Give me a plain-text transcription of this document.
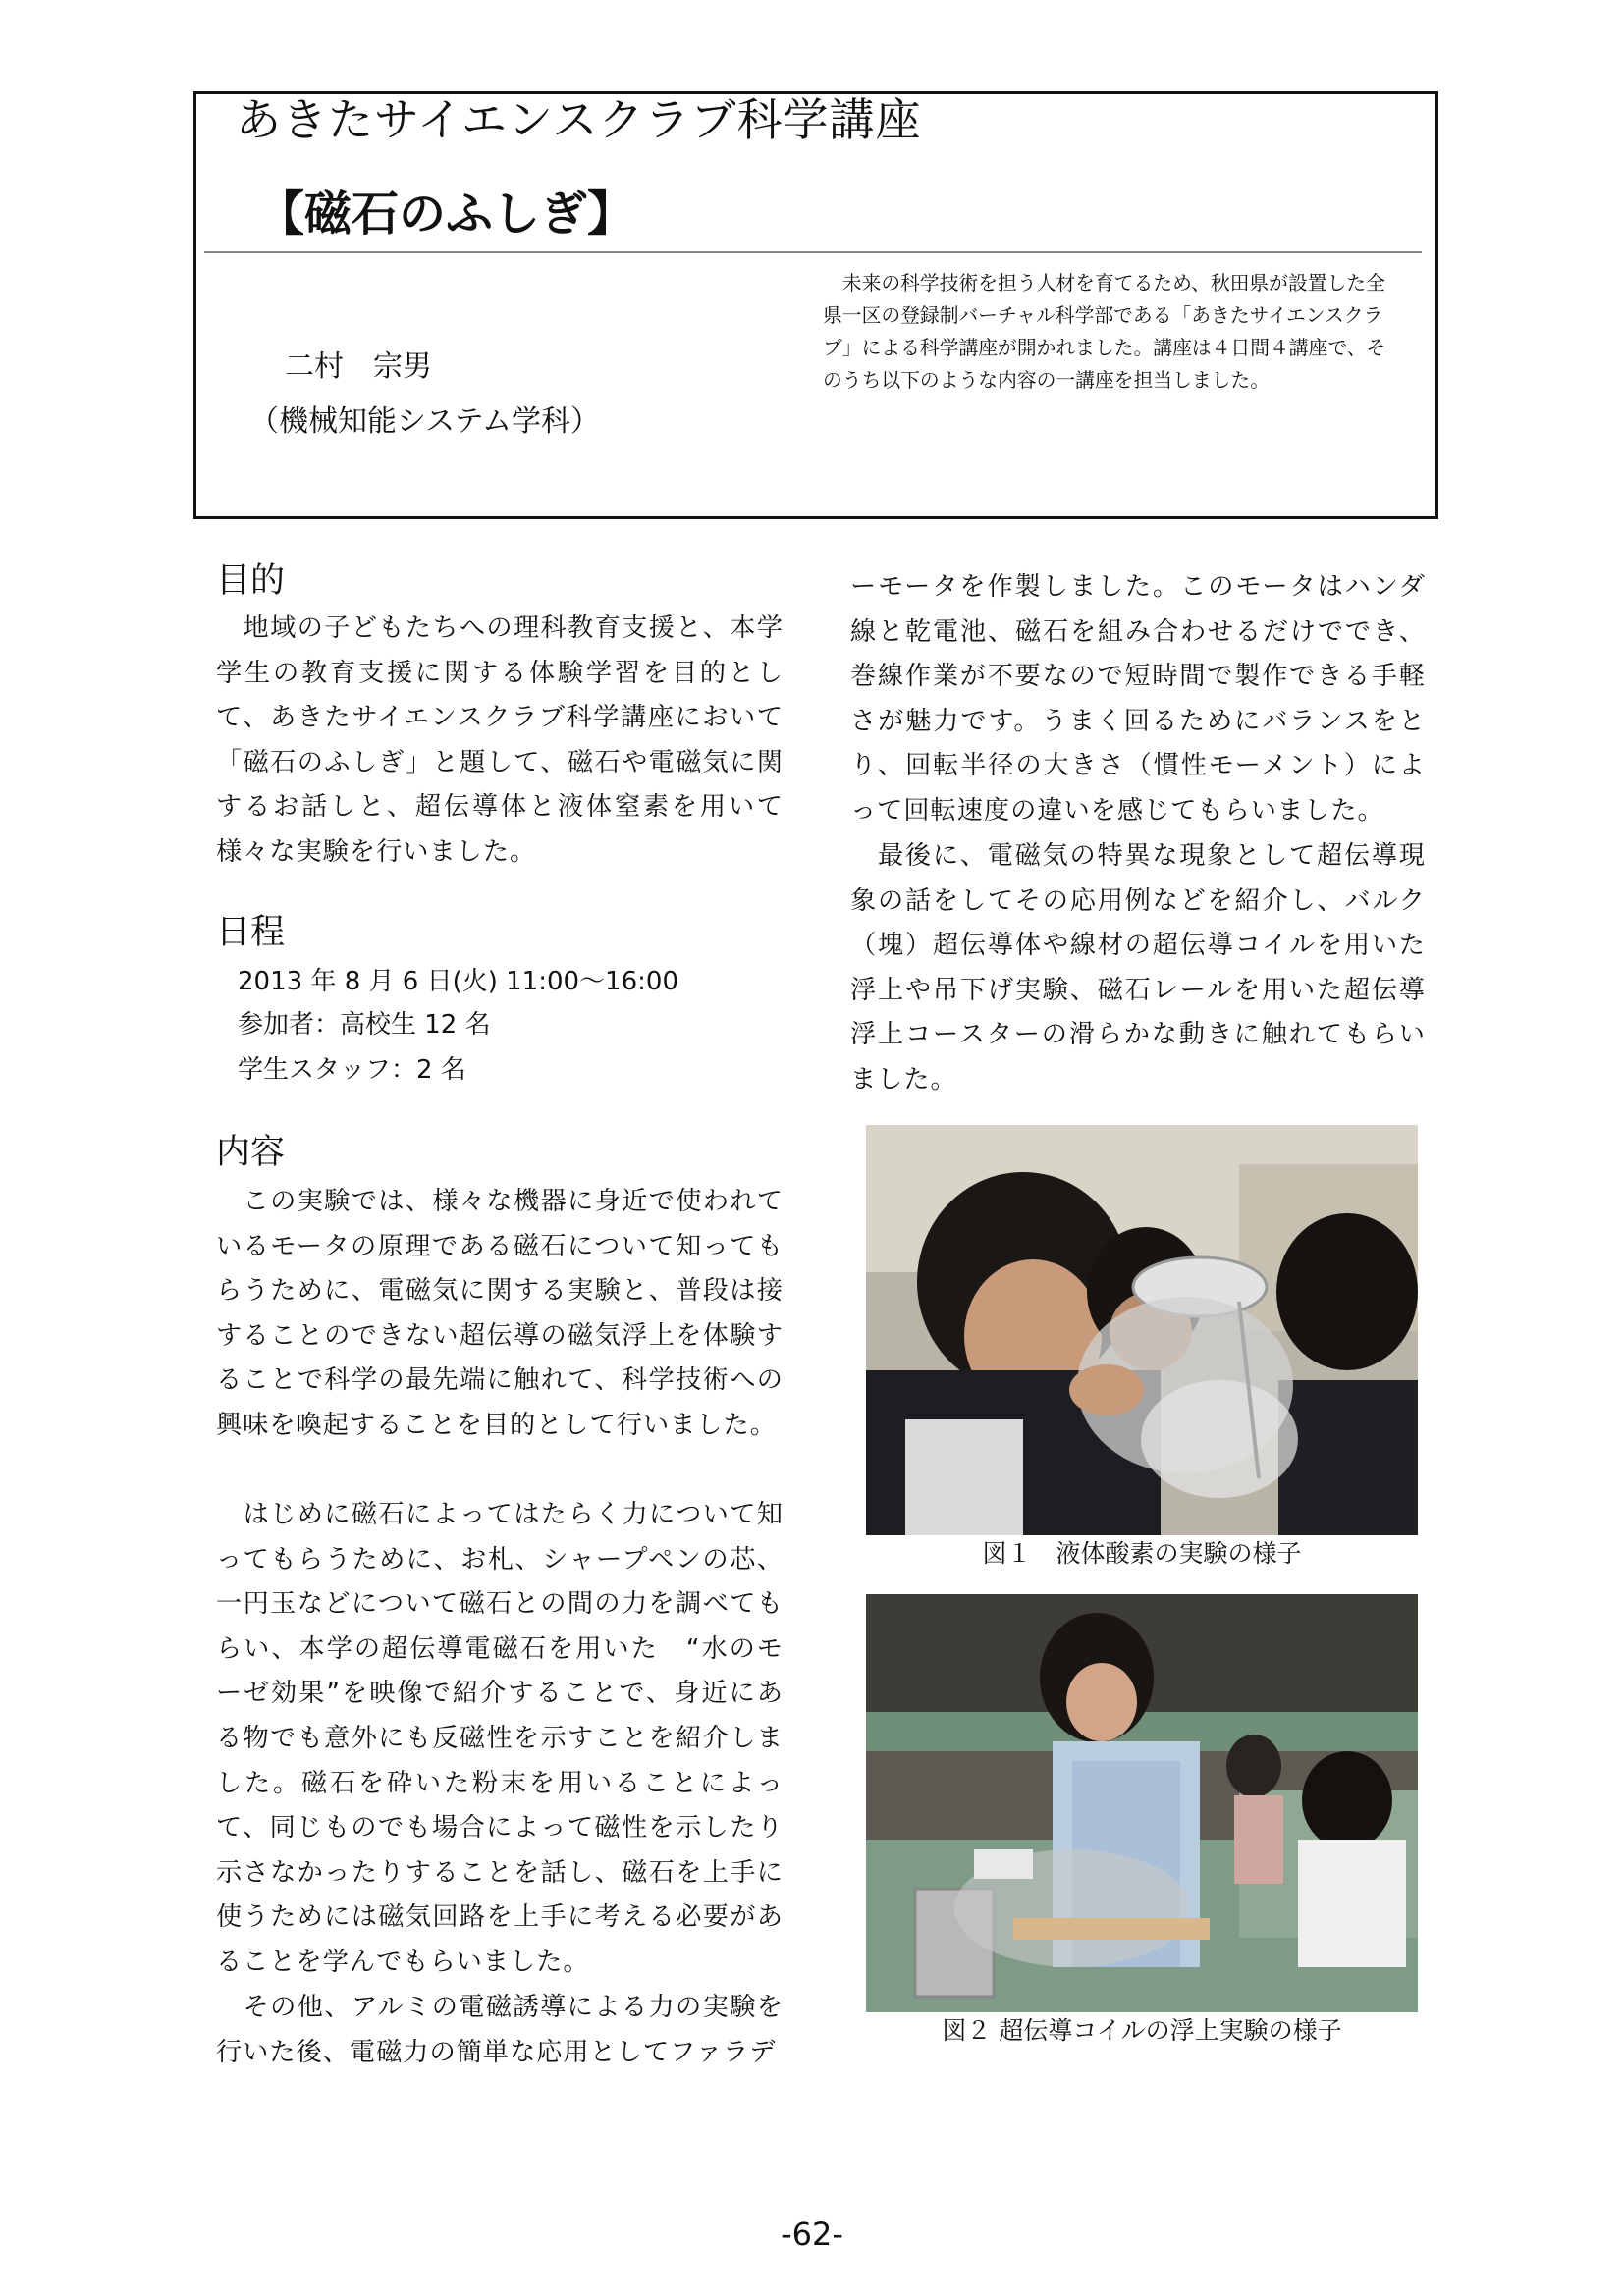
あきたサイエンスクラブ科学講座
【磁石のふしぎ】
二村　宗男
（機械知能システム学科）

　未来の科学技術を担う人材を育てるため、秋田県が設置した全県一区の登録制バーチャル科学部である「あきたサイエンスクラブ」による科学講座が開かれました。講座は４日間４講座で、そのうち以下のような内容の一講座を担当しました。

目的

　地域の子どもたちへの理科教育支援と、本学学生の教育支援に関する体験学習を目的として、あきたサイエンスクラブ科学講座において「磁石のふしぎ」と題して、磁石や電磁気に関するお話しと、超伝導体と液体窒素を用いて様々な実験を行いました。

日程

2013 年 8 月 6 日(火) 11:00～16:00

参加者：高校生 12 名

学生スタッフ：2 名

内容

　この実験では、様々な機器に身近で使われているモータの原理である磁石について知ってもらうために、電磁気に関する実験と、普段は接することのできない超伝導の磁気浮上を体験することで科学の最先端に触れて、科学技術への興味を喚起することを目的として行いました。

　はじめに磁石によってはたらく力について知ってもらうために、お札、シャープペンの芯、一円玉などについて磁石との間の力を調べてもらい、本学の超伝導電磁石を用いた　“水のモーゼ効果”を映像で紹介することで、身近にある物でも意外にも反磁性を示すことを紹介しました。磁石を砕いた粉末を用いることによって、同じものでも場合によって磁性を示したり示さなかったりすることを話し、磁石を上手に使うためには磁気回路を上手に考える必要があることを学んでもらいました。

　その他、アルミの電磁誘導による力の実験を行いた後、電磁力の簡単な応用としてファラデ

ーモータを作製しました。このモータはハンダ線と乾電池、磁石を組み合わせるだけででき、巻線作業が不要なので短時間で製作できる手軽さが魅力です。うまく回るためにバランスをとり、回転半径の大きさ（慣性モーメント）によって回転速度の違いを感じてもらいました。

　最後に、電磁気の特異な現象として超伝導現象の話をしてその応用例などを紹介し、バルク（塊）超伝導体や線材の超伝導コイルを用いた浮上や吊下げ実験、磁石レールを用いた超伝導浮上コースターの滑らかな動きに触れてもらいました。

図１　液体酸素の実験の様子
図２ 超伝導コイルの浮上実験の様子
-62-
